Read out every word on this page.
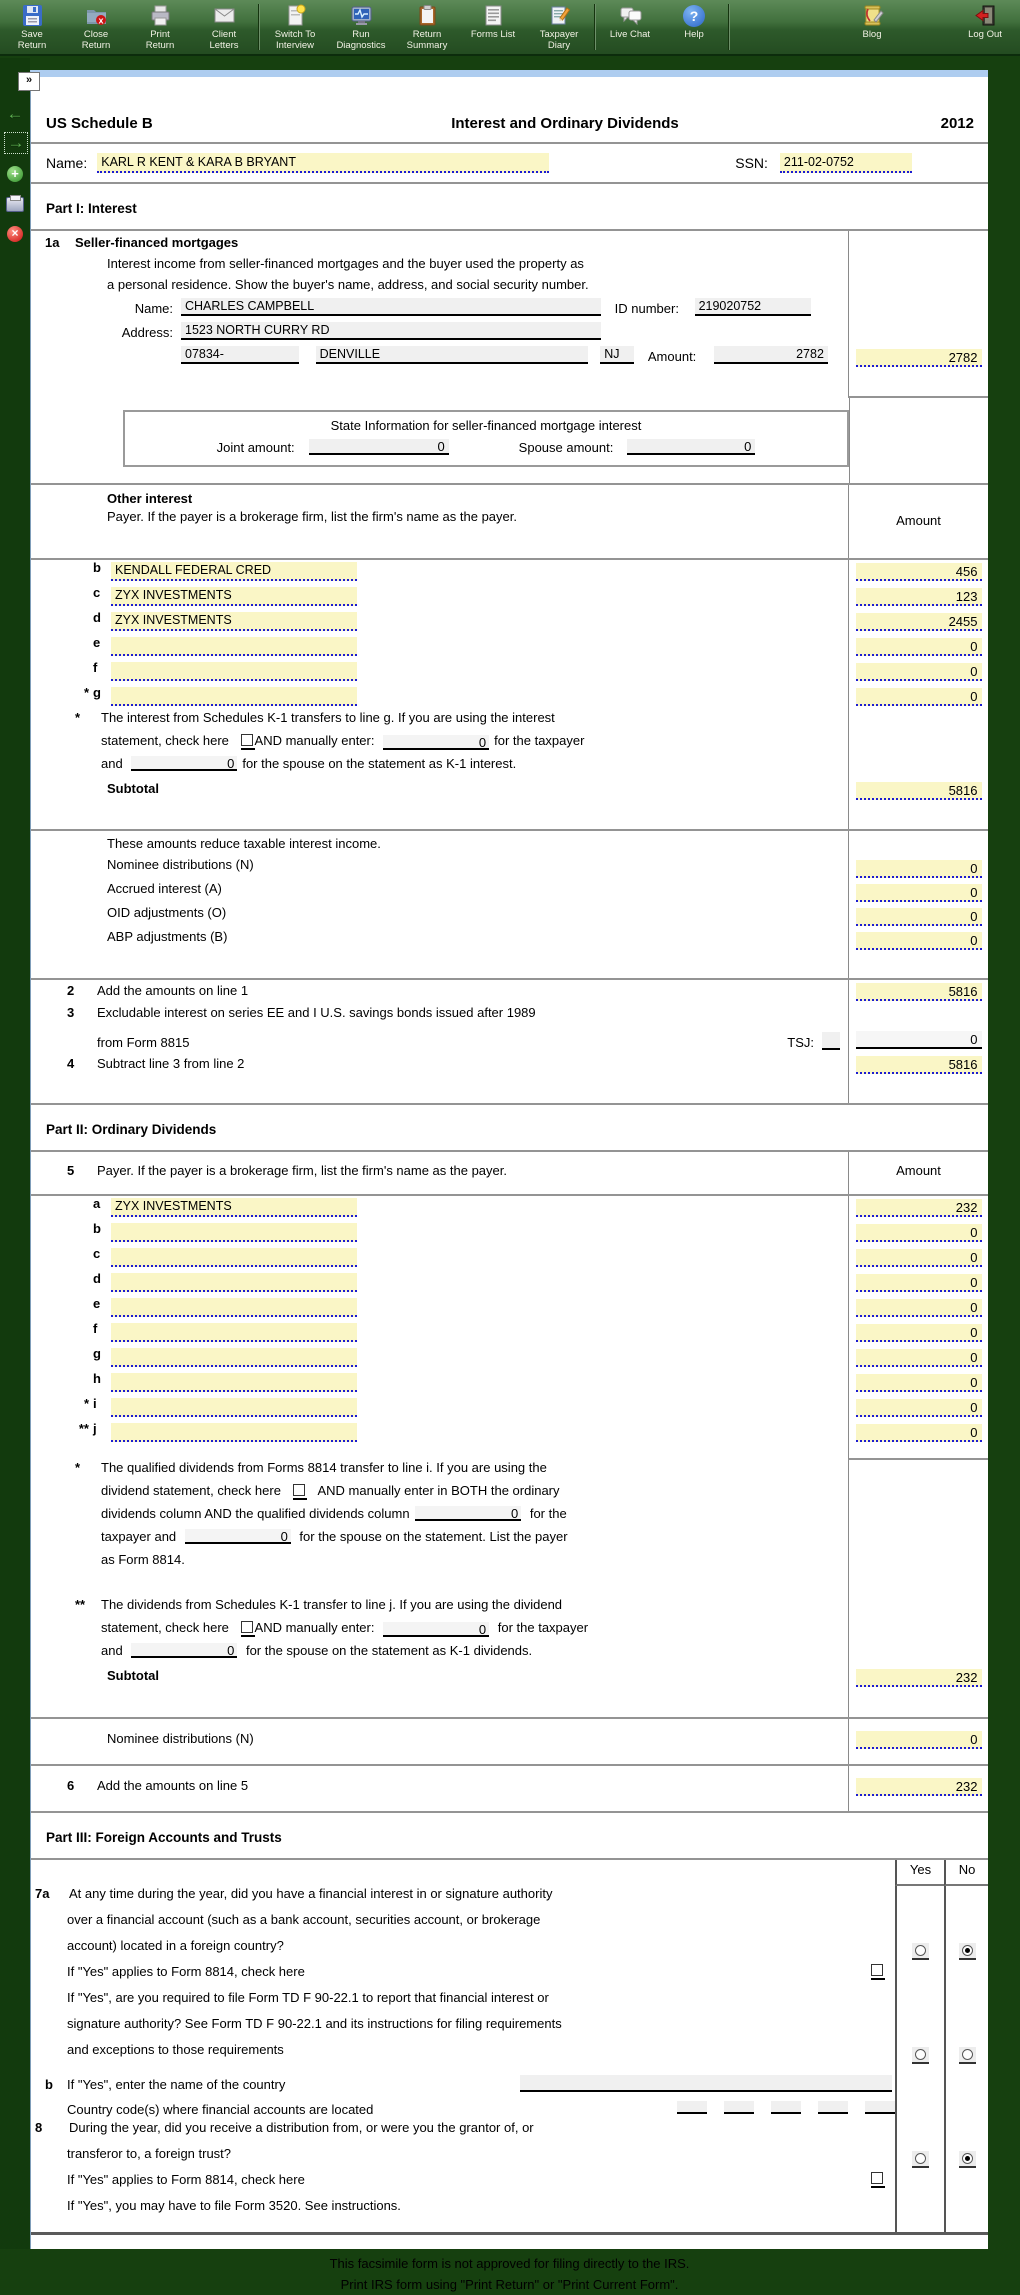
Save
Return
x
Close
Return
Print
Return
Client
Letters
Switch To
Interview
Run
Diagnostics
Return
Summary
Forms List	Taxpayer
Diary
Live Chat
?
Help	Blog	Log Out
»
←
→
+
×
US Schedule B	Interest and Ordinary Dividends	2012
Name:	KARL R KENT & KARA B BRYANT	SSN:	211-02-0752
Part I: Interest
1a Seller-financed mortgages
Interest income from seller-financed mortgages and the buyer used the property as
a personal residence. Show the buyer's name, address, and social security number.
Name: CHARLES CAMPBELL	ID number: 219020752
Address: 1523 NORTH CURRY RD
07834-	DENVILLE	NJ Amount:	2782	2782
State Information for seller-financed mortgage interest
Joint amount:	0	Spouse amount:	0
Other interest
Payer. If the payer is a brokerage firm, list the firm's name as the payer.	Amount
b KENDALL FEDERAL CRED	456
c ZYX INVESTMENTS	123
d ZYX INVESTMENTS	2455
e	0
f	0
* g	0
* The interest from Schedules K-1 transfers to line g. If you are using the interest
statement, check here AND manually enter:	0 for the taxpayer
and	0 for the spouse on the statement as K-1 interest.
Subtotal	5816
These amounts reduce taxable interest income.
Nominee distributions (N)	0
Accrued interest (A)	0
OID adjustments (O)	0
ABP adjustments (B)	0
2 Add the amounts on line 1	5816
3 Excludable interest on series EE and I U.S. savings bonds issued after 1989
from Form 8815	TSJ:	0
4 Subtract line 3 from line 2	5816
Part II: Ordinary Dividends
5 Payer. If the payer is a brokerage firm, list the firm's name as the payer.	Amount
a ZYX INVESTMENTS	232
b	0
c	0
d	0
e	0
f	0
g	0
h	0
* i	0
** j	0
* The qualified dividends from Forms 8814 transfer to line i. If you are using the
dividend statement, check here	AND manually enter in BOTH the ordinary
dividends column AND the qualified dividends column	0 for the
taxpayer and	0 for the spouse on the statement. List the payer
as Form 8814.
** The dividends from Schedules K-1 transfer to line j. If you are using the dividend
statement, check here AND manually enter:	0 for the taxpayer
and	0 for the spouse on the statement as K-1 dividends.
Subtotal	232
Nominee distributions (N)	0
6 Add the amounts on line 5	232
Part III: Foreign Accounts and Trusts
Yes	No
7a	At any time during the year, did you have a financial interest in or signature authority
over a financial account (such as a bank account, securities account, or brokerage
account) located in a foreign country?
If "Yes" applies to Form 8814, check here
If "Yes", are you required to file Form TD F 90-22.1 to report that financial interest or
signature authority? See Form TD F 90-22.1 and its instructions for filing requirements
and exceptions to those requirements
b	If "Yes", enter the name of the country
Country code(s) where financial accounts are located
8	During the year, did you receive a distribution from, or were you the grantor of, or
transferor to, a foreign trust?
If "Yes" applies to Form 8814, check here
If "Yes", you may have to file Form 3520. See instructions.
This facsimile form is not approved for filing directly to the IRS.
Print IRS form using "Print Return" or "Print Current Form".
